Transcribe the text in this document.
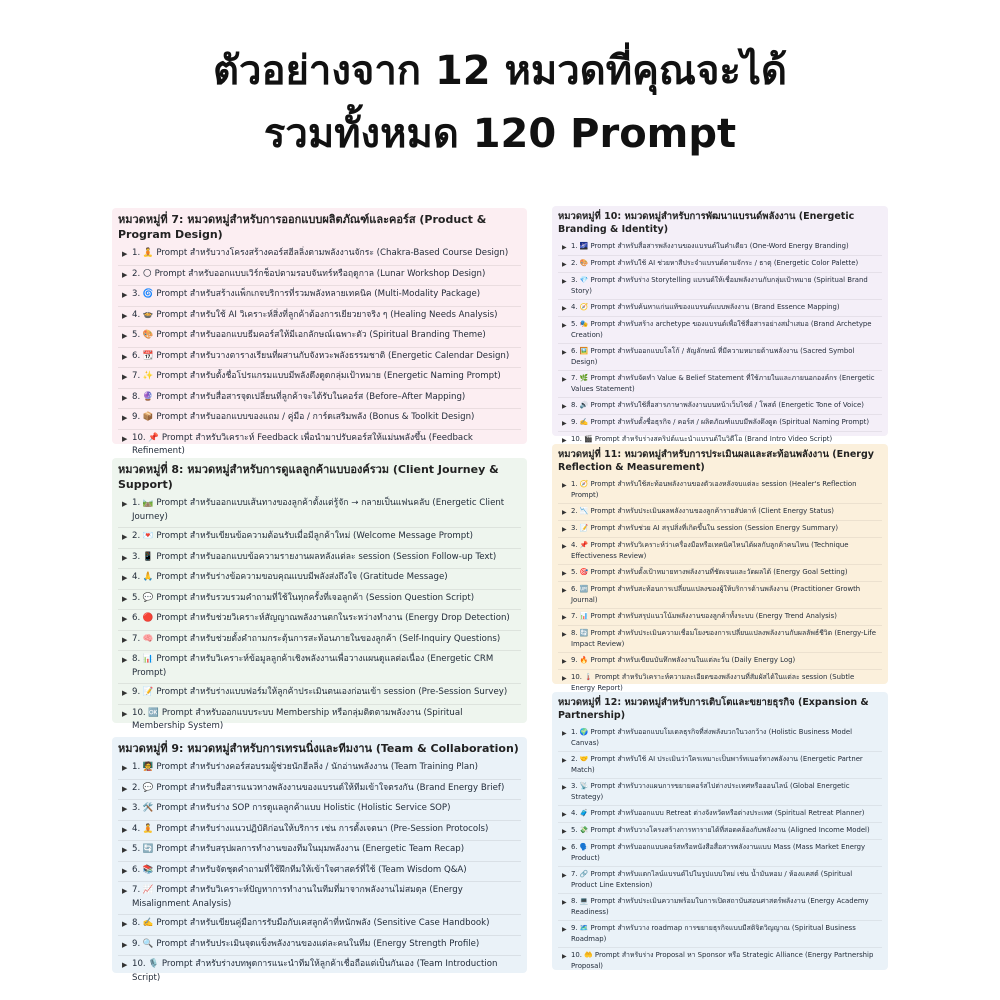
ตัวอย่างจาก 12 หมวดที่คุณจะได้
รวมทั้งหมด 120 Prompt
หมวดหมู่ที่ 7: หมวดหมู่สำหรับการออกแบบผลิตภัณฑ์และคอร์ส (Product & Program Design)
▶ 1. 🧘 Prompt สำหรับวางโครงสร้างคอร์สฮีลลิ่งตามพลังงานจักระ (Chakra-Based Course Design)
▶ 2. 🌕 Prompt สำหรับออกแบบเวิร์กช็อปตามรอบจันทร์หรือฤดูกาล (Lunar Workshop Design)
▶ 3. 🌀 Prompt สำหรับสร้างแพ็กเกจบริการที่รวมพลังหลายเทคนิค (Multi-Modality Package)
▶ 4. 🍲 Prompt สำหรับใช้ AI วิเคราะห์สิ่งที่ลูกค้าต้องการเยียวยาจริง ๆ (Healing Needs Analysis)
▶ 5. 🎨 Prompt สำหรับออกแบบธีมคอร์สให้มีเอกลักษณ์เฉพาะตัว (Spiritual Branding Theme)
▶ 6. 📆 Prompt สำหรับวางตารางเรียนที่ผสานกับจังหวะพลังธรรมชาติ (Energetic Calendar Design)
▶ 7. ✨ Prompt สำหรับตั้งชื่อโปรแกรมแบบมีพลังดึงดูดกลุ่มเป้าหมาย (Energetic Naming Prompt)
▶ 8. 🔮 Prompt สำหรับสื่อสารจุดเปลี่ยนที่ลูกค้าจะได้รับในคอร์ส (Before–After Mapping)
▶ 9. 📦 Prompt สำหรับออกแบบของแถม / คู่มือ / การ์ดเสริมพลัง (Bonus & Toolkit Design)
▶ 10. 📌 Prompt สำหรับวิเคราะห์ Feedback เพื่อนำมาปรับคอร์สให้แม่นพลังขึ้น (Feedback Refinement)
หมวดหมู่ที่ 8: หมวดหมู่สำหรับการดูแลลูกค้าแบบองค์รวม (Client Journey & Support)
▶ 1. 🛤️ Prompt สำหรับออกแบบเส้นทางของลูกค้าตั้งแต่รู้จัก → กลายเป็นแฟนคลับ (Energetic Client Journey)
▶ 2. 💌 Prompt สำหรับเขียนข้อความต้อนรับเมื่อมีลูกค้าใหม่ (Welcome Message Prompt)
▶ 3. 📱 Prompt สำหรับออกแบบข้อความรายงานผลหลังแต่ละ session (Session Follow-up Text)
▶ 4. 🙏 Prompt สำหรับร่างข้อความขอบคุณแบบมีพลังส่งถึงใจ (Gratitude Message)
▶ 5. 💬 Prompt สำหรับรวบรวมคำถามที่ใช้ในทุกครั้งที่เจอลูกค้า (Session Question Script)
▶ 6. 🔴 Prompt สำหรับช่วยวิเคราะห์สัญญาณพลังงานตกในระหว่างทำงาน (Energy Drop Detection)
▶ 7. 🧠 Prompt สำหรับช่วยตั้งคำถามกระตุ้นการสะท้อนภายในของลูกค้า (Self-Inquiry Questions)
▶ 8. 📊 Prompt สำหรับวิเคราะห์ข้อมูลลูกค้าเชิงพลังงานเพื่อวางแผนดูแลต่อเนื่อง (Energetic CRM Prompt)
▶ 9. 📝 Prompt สำหรับร่างแบบฟอร์มให้ลูกค้าประเมินตนเองก่อนเข้า session (Pre-Session Survey)
▶ 10. 🆗 Prompt สำหรับออกแบบระบบ Membership หรือกลุ่มติดตามพลังงาน (Spiritual Membership System)
หมวดหมู่ที่ 9: หมวดหมู่สำหรับการเทรนนิ่งและทีมงาน (Team & Collaboration)
▶ 1. 🧑‍🏫 Prompt สำหรับร่างคอร์สอบรมผู้ช่วยนักฮีลลิ่ง / นักอ่านพลังงาน (Team Training Plan)
▶ 2. 💬 Prompt สำหรับสื่อสารแนวทางพลังงานของแบรนด์ให้ทีมเข้าใจตรงกัน (Brand Energy Brief)
▶ 3. 🛠️ Prompt สำหรับร่าง SOP การดูแลลูกค้าแบบ Holistic (Holistic Service SOP)
▶ 4. 🧘 Prompt สำหรับร่างแนวปฏิบัติก่อนให้บริการ เช่น การตั้งเจตนา (Pre-Session Protocols)
▶ 5. 🔄 Prompt สำหรับสรุปผลการทำงานของทีมในมุมพลังงาน (Energetic Team Recap)
▶ 6. 📚 Prompt สำหรับจัดชุดคำถามที่ใช้ฝึกทีมให้เข้าใจศาสตร์ที่ใช้ (Team Wisdom Q&A)
▶ 7. 📈 Prompt สำหรับวิเคราะห์ปัญหาการทำงานในทีมที่มาจากพลังงานไม่สมดุล (Energy Misalignment Analysis)
▶ 8. ✍️ Prompt สำหรับเขียนคู่มือการรับมือกับเคสลูกค้าที่หนักพลัง (Sensitive Case Handbook)
▶ 9. 🔍 Prompt สำหรับประเมินจุดแข็งพลังงานของแต่ละคนในทีม (Energy Strength Profile)
▶ 10. 🎙️ Prompt สำหรับร่างบทพูดการแนะนำทีมให้ลูกค้าเชื่อถือแต่เป็นกันเอง (Team Introduction Script)
หมวดหมู่ที่ 10: หมวดหมู่สำหรับการพัฒนาแบรนด์พลังงาน (Energetic Branding & Identity)
▶ 1. 🌌 Prompt สำหรับสื่อสารพลังงานของแบรนด์ในคำเดียว (One-Word Energy Branding)
▶ 2. 🎨 Prompt สำหรับใช้ AI ช่วยหาสีประจำแบรนด์ตามจักระ / ธาตุ (Energetic Color Palette)
▶ 3. 💎 Prompt สำหรับร่าง Storytelling แบรนด์ให้เชื่อมพลังงานกับกลุ่มเป้าหมาย (Spiritual Brand Story)
▶ 4. 🧭 Prompt สำหรับค้นหาแก่นแท้ของแบรนด์แบบพลังงาน (Brand Essence Mapping)
▶ 5. 🎭 Prompt สำหรับสร้าง archetype ของแบรนด์เพื่อใช้สื่อสารอย่างสม่ำเสมอ (Brand Archetype Creation)
▶ 6. 🖼️ Prompt สำหรับออกแบบโลโก้ / สัญลักษณ์ ที่มีความหมายด้านพลังงาน (Sacred Symbol Design)
▶ 7. 🌿 Prompt สำหรับจัดทำ Value & Belief Statement ที่ใช้ภายในและภายนอกองค์กร (Energetic Values Statement)
▶ 8. 🔊 Prompt สำหรับใช้สื่อสารภาษาพลังงานบนหน้าเว็บไซต์ / โพสต์ (Energetic Tone of Voice)
▶ 9. ✍️ Prompt สำหรับตั้งชื่อธุรกิจ / คอร์ส / ผลิตภัณฑ์แบบมีพลังดึงดูด (Spiritual Naming Prompt)
▶ 10. 🎬 Prompt สำหรับร่างสคริปต์แนะนำแบรนด์ในวิดีโอ (Brand Intro Video Script)
หมวดหมู่ที่ 11: หมวดหมู่สำหรับการประเมินผลและสะท้อนพลังงาน (Energy Reflection & Measurement)
▶ 1. 🧭 Prompt สำหรับใช้สะท้อนพลังงานของตัวเองหลังจบแต่ละ session (Healer's Reflection Prompt)
▶ 2. 📉 Prompt สำหรับประเมินผลพลังงานของลูกค้ารายสัปดาห์ (Client Energy Status)
▶ 3. 📝 Prompt สำหรับช่วย AI สรุปสิ่งที่เกิดขึ้นใน session (Session Energy Summary)
▶ 4. 📌 Prompt สำหรับวิเคราะห์ว่าเครื่องมือหรือเทคนิคไหนได้ผลกับลูกค้าคนไหน (Technique Effectiveness Review)
▶ 5. 🎯 Prompt สำหรับตั้งเป้าหมายทางพลังงานที่ชัดเจนและวัดผลได้ (Energy Goal Setting)
▶ 6. 🆙 Prompt สำหรับสะท้อนการเปลี่ยนแปลงของผู้ให้บริการด้านพลังงาน (Practitioner Growth Journal)
▶ 7. 📊 Prompt สำหรับสรุปแนวโน้มพลังงานของลูกค้าทั้งระบบ (Energy Trend Analysis)
▶ 8. 🔄 Prompt สำหรับประเมินความเชื่อมโยงของการเปลี่ยนแปลงพลังงานกับผลลัพธ์ชีวิต (Energy-Life Impact Review)
▶ 9. 🔥 Prompt สำหรับเขียนบันทึกพลังงานในแต่ละวัน (Daily Energy Log)
▶ 10. 🌡️ Prompt สำหรับวิเคราะห์ความละเอียดของพลังงานที่สัมผัสได้ในแต่ละ session (Subtle Energy Report)
หมวดหมู่ที่ 12: หมวดหมู่สำหรับการเติบโตและขยายธุรกิจ (Expansion & Partnership)
▶ 1. 🌍 Prompt สำหรับออกแบบโมเดลธุรกิจที่ส่งพลังบวกในวงกว้าง (Holistic Business Model Canvas)
▶ 2. 🤝 Prompt สำหรับใช้ AI ประเมินว่าใครเหมาะเป็นพาร์ทเนอร์ทางพลังงาน (Energetic Partner Match)
▶ 3. 📡 Prompt สำหรับวางแผนการขยายคอร์สไปต่างประเทศหรือออนไลน์ (Global Energetic Strategy)
▶ 4. 🧳 Prompt สำหรับออกแบบ Retreat ต่างจังหวัดหรือต่างประเทศ (Spiritual Retreat Planner)
▶ 5. 💸 Prompt สำหรับวางโครงสร้างการหารายได้ที่สอดคล้องกับพลังงาน (Aligned Income Model)
▶ 6. 🗣️ Prompt สำหรับออกแบบคอร์สหรือหนังสือสื่อสารพลังงานแบบ Mass (Mass Market Energy Product)
▶ 7. 🔗 Prompt สำหรับแตกไลน์แบรนด์ไปในรูปแบบใหม่ เช่น น้ำมันหอม / ห้องแคสต์ (Spiritual Product Line Extension)
▶ 8. 💻 Prompt สำหรับประเมินความพร้อมในการเปิดสถาบันสอนศาสตร์พลังงาน (Energy Academy Readiness)
▶ 9. 🗺️ Prompt สำหรับวาง roadmap การขยายธุรกิจแบบมีสติจิตวิญญาณ (Spiritual Business Roadmap)
▶ 10. 🤲 Prompt สำหรับร่าง Proposal หา Sponsor หรือ Strategic Alliance (Energy Partnership Proposal)
